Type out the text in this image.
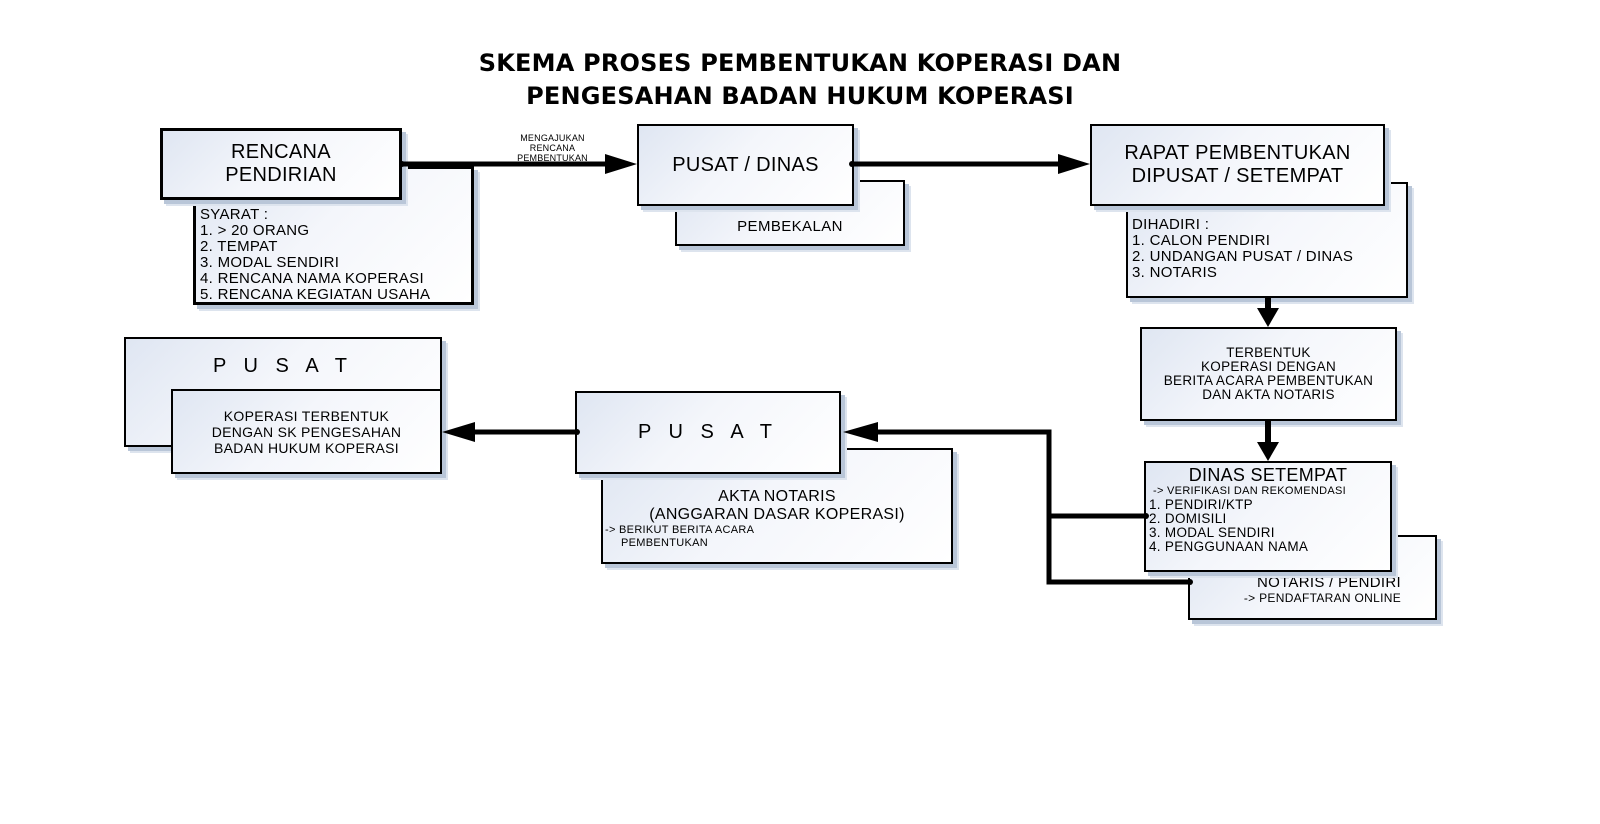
SKEMA PROSES PEMBENTUKAN KOPERASI DAN
PENGESAHAN BADAN HUKUM KOPERASI
SYARAT :
1. > 20 ORANG
2. TEMPAT
3. MODAL SENDIRI
4. RENCANA NAMA KOPERASI
5. RENCANA KEGIATAN USAHA
RENCANA
PENDIRIAN
MENGAJUKAN
RENCANA
PEMBENTUKAN
PEMBEKALAN
PUSAT / DINAS
DIHADIRI :
1. CALON PENDIRI
2. UNDANGAN PUSAT / DINAS
3. NOTARIS
RAPAT PEMBENTUKAN
DIPUSAT / SETEMPAT
TERBENTUK
KOPERASI DENGAN
BERITA ACARA PEMBENTUKAN
DAN AKTA NOTARIS
NOTARIS / PENDIRI
-> PENDAFTARAN ONLINE
DINAS SETEMPAT
-> VERIFIKASI DAN REKOMENDASI
1. PENDIRI/KTP
2. DOMISILI
3. MODAL SENDIRI
4. PENGGUNAAN NAMA
AKTA NOTARIS
(ANGGARAN DASAR KOPERASI)
-> BERIKUT BERITA ACARA
PEMBENTUKAN
P U S A T
P U S A T
KOPERASI TERBENTUK
DENGAN SK PENGESAHAN
BADAN HUKUM KOPERASI
